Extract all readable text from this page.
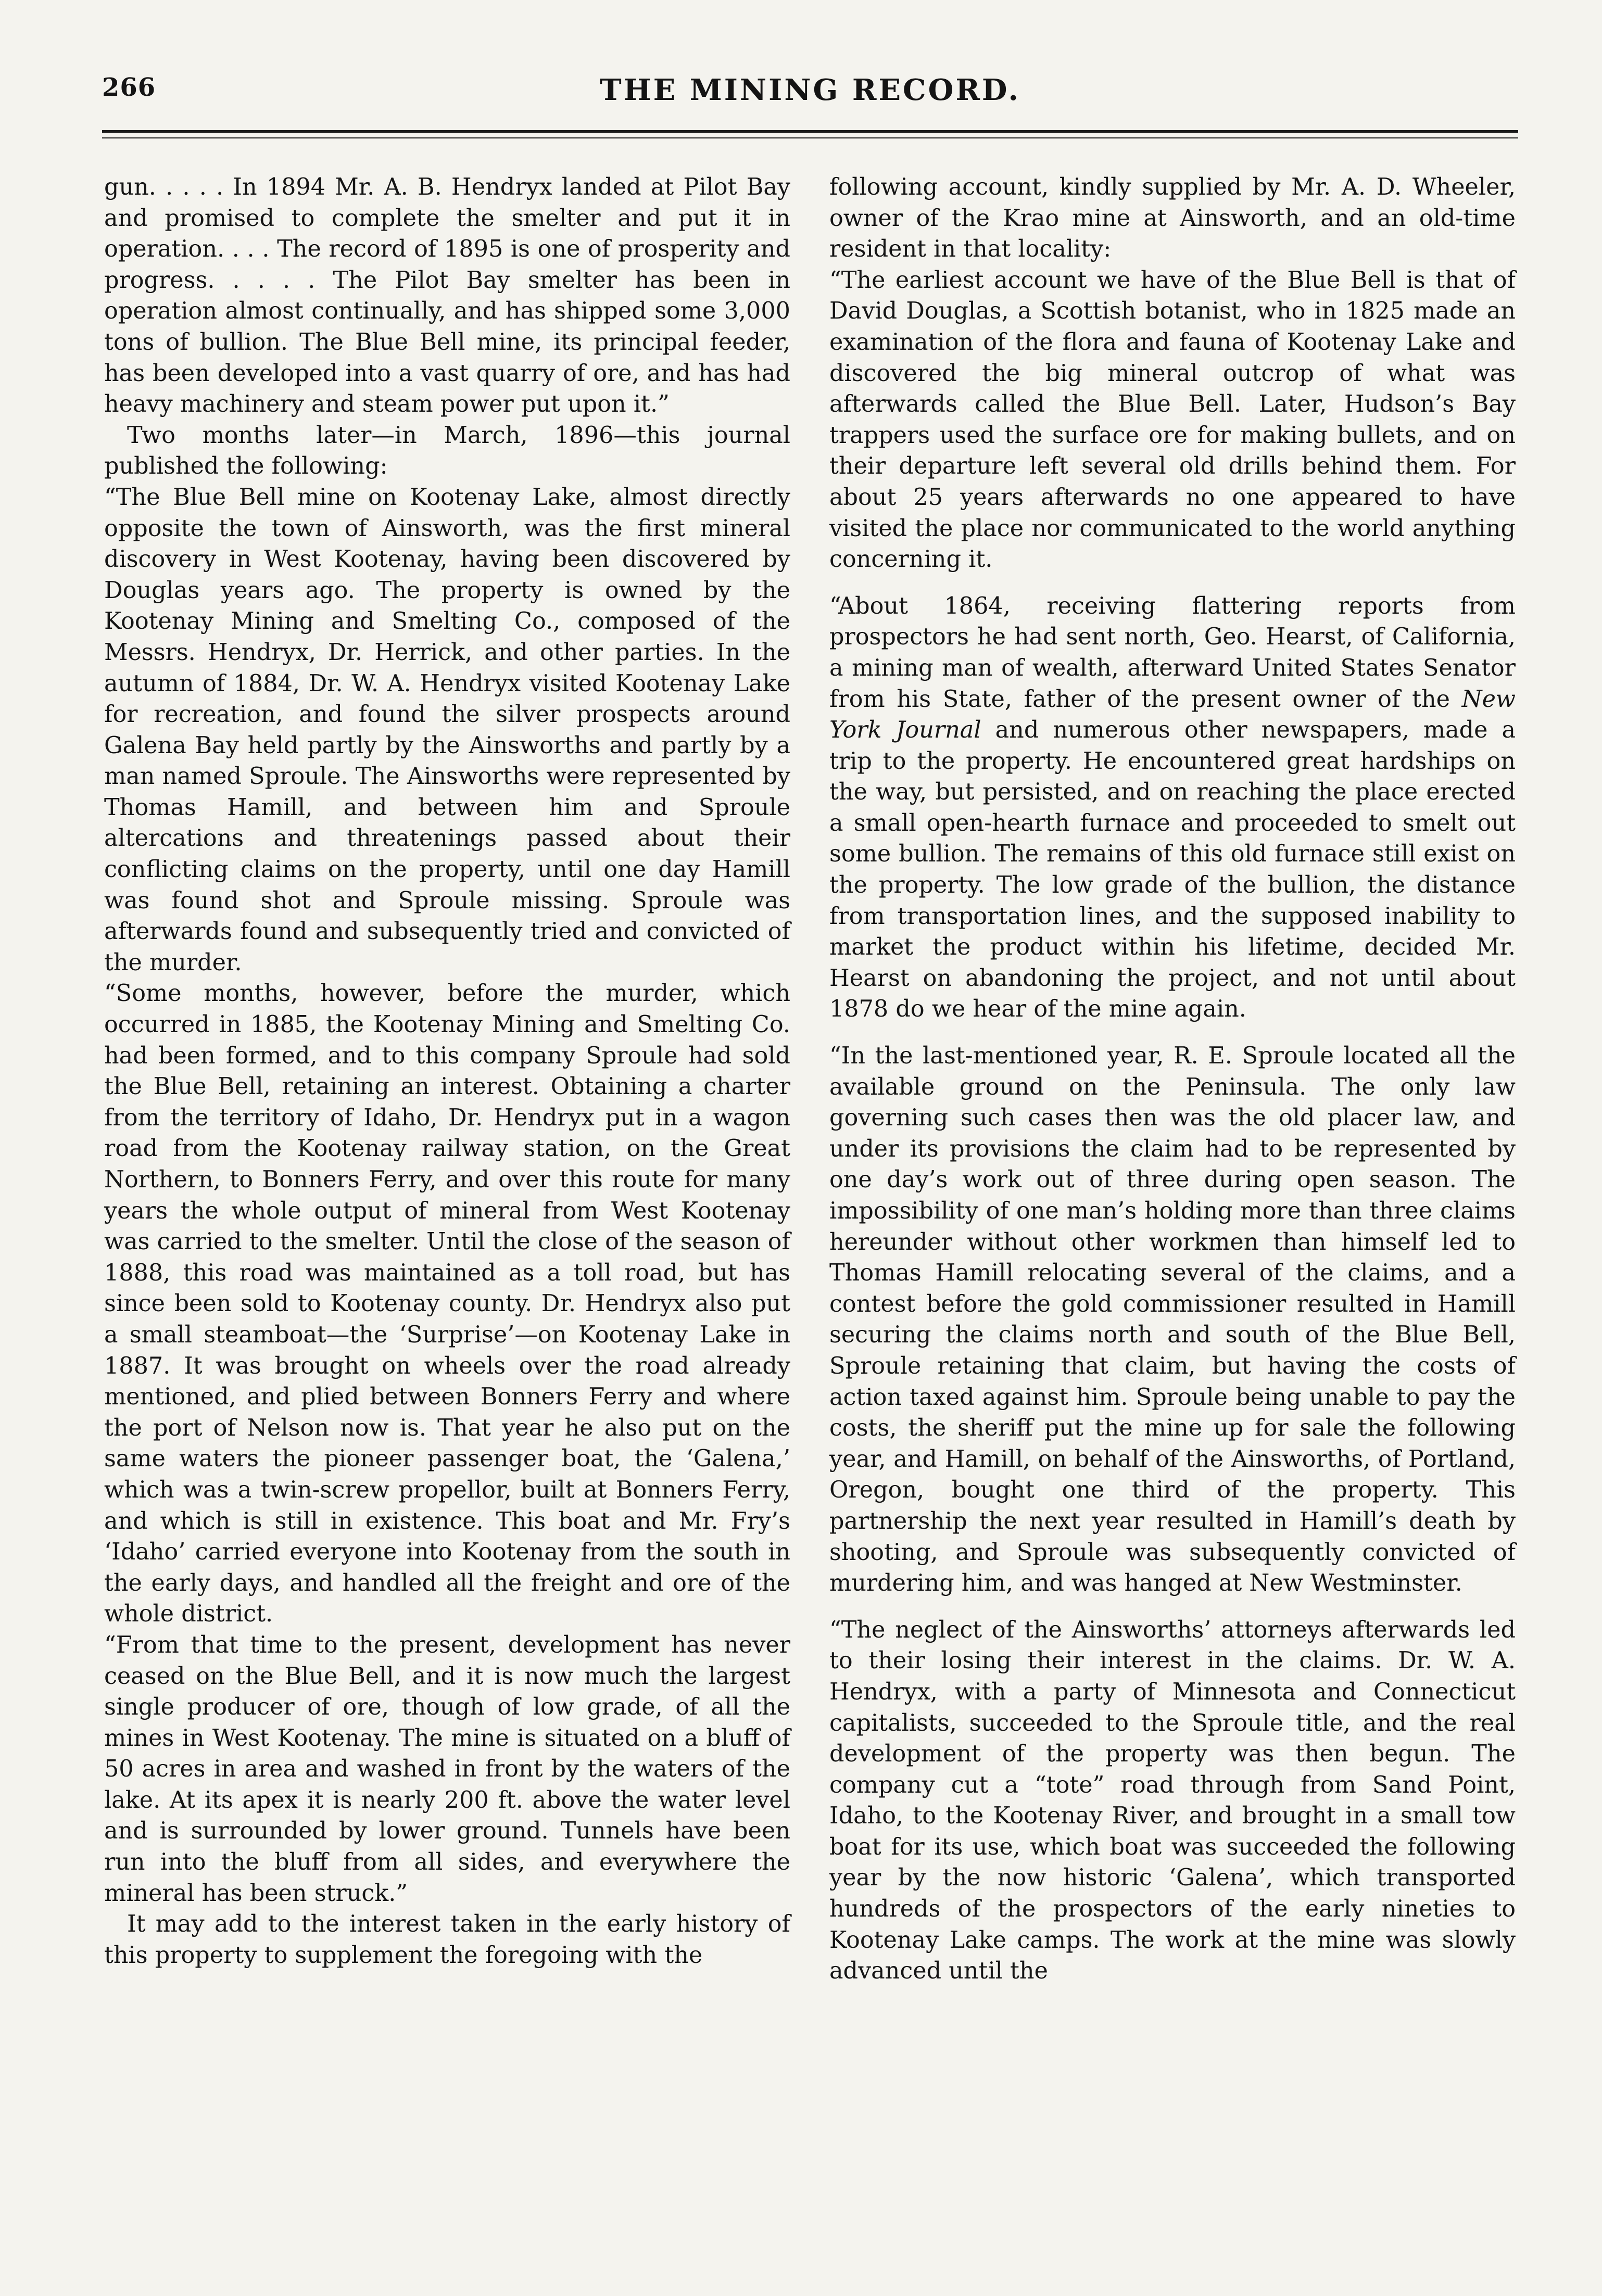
266	THE MINING RECORD.

gun. . . . . In 1894 Mr. A. B. Hendryx landed at Pilot Bay and promised to complete the smelter and put it in operation. . . . The record of 1895 is one of prosperity and progress. . . . . The Pilot Bay smelter has been in operation almost continually, and has shipped some 3,000 tons of bullion. The Blue Bell mine, its principal feeder, has been developed into a vast quarry of ore, and has had heavy machinery and steam power put upon it.”

Two months later—in March, 1896—this journal published the following:

“The Blue Bell mine on Kootenay Lake, almost directly opposite the town of Ainsworth, was the first mineral discovery in West Kootenay, having been discovered by Douglas years ago. The property is owned by the Kootenay Mining and Smelting Co., composed of the Messrs. Hendryx, Dr. Herrick, and other parties. In the autumn of 1884, Dr. W. A. Hendryx visited Kootenay Lake for recreation, and found the silver prospects around Galena Bay held partly by the Ainsworths and partly by a man named Sproule. The Ainsworths were represented by Thomas Hamill, and between him and Sproule altercations and threatenings passed about their conflicting claims on the property, until one day Hamill was found shot and Sproule missing. Sproule was afterwards found and subsequently tried and convicted of the murder.

“Some months, however, before the murder, which occurred in 1885, the Kootenay Mining and Smelting Co. had been formed, and to this company Sproule had sold the Blue Bell, retaining an interest. Obtaining a charter from the territory of Idaho, Dr. Hendryx put in a wagon road from the Kootenay railway station, on the Great Northern, to Bonners Ferry, and over this route for many years the whole output of mineral from West Kootenay was carried to the smelter. Until the close of the season of 1888, this road was maintained as a toll road, but has since been sold to Kootenay county. Dr. Hendryx also put a small steamboat—the ‘Surprise’—on Kootenay Lake in 1887. It was brought on wheels over the road already mentioned, and plied between Bonners Ferry and where the port of Nelson now is. That year he also put on the same waters the pioneer passenger boat, the ‘Galena,’ which was a twin-screw propellor, built at Bonners Ferry, and which is still in existence. This boat and Mr. Fry’s ‘Idaho’ carried everyone into Kootenay from the south in the early days, and handled all the freight and ore of the whole district.

“From that time to the present, development has never ceased on the Blue Bell, and it is now much the largest single producer of ore, though of low grade, of all the mines in West Kootenay. The mine is situated on a bluff of 50 acres in area and washed in front by the waters of the lake. At its apex it is nearly 200 ft. above the water level and is surrounded by lower ground. Tunnels have been run into the bluff from all sides, and everywhere the mineral has been struck.”

It may add to the interest taken in the early history of this property to supplement the foregoing with the

following account, kindly supplied by Mr. A. D. Wheeler, owner of the Krao mine at Ainsworth, and an old-time resident in that locality:

“The earliest account we have of the Blue Bell is that of David Douglas, a Scottish botanist, who in 1825 made an examination of the flora and fauna of Kootenay Lake and discovered the big mineral outcrop of what was afterwards called the Blue Bell. Later, Hudson’s Bay trappers used the surface ore for making bullets, and on their departure left several old drills behind them. For about 25 years afterwards no one appeared to have visited the place nor communicated to the world anything concerning it.

“About 1864, receiving flattering reports from prospectors he had sent north, Geo. Hearst, of California, a mining man of wealth, afterward United States Senator from his State, father of the present owner of the New York Journal and numerous other newspapers, made a trip to the property. He encountered great hardships on the way, but persisted, and on reaching the place erected a small open-hearth furnace and proceeded to smelt out some bullion. The remains of this old furnace still exist on the property. The low grade of the bullion, the distance from transportation lines, and the supposed inability to market the product within his lifetime, decided Mr. Hearst on abandoning the project, and not until about 1878 do we hear of the mine again.

“In the last-mentioned year, R. E. Sproule located all the available ground on the Peninsula. The only law governing such cases then was the old placer law, and under its provisions the claim had to be represented by one day’s work out of three during open season. The impossibility of one man’s holding more than three claims hereunder without other workmen than himself led to Thomas Hamill relocating several of the claims, and a contest before the gold commissioner resulted in Hamill securing the claims north and south of the Blue Bell, Sproule retaining that claim, but having the costs of action taxed against him. Sproule being unable to pay the costs, the sheriff put the mine up for sale the following year, and Hamill, on behalf of the Ainsworths, of Portland, Oregon, bought one third of the property. This partnership the next year resulted in Hamill’s death by shooting, and Sproule was subsequently convicted of murdering him, and was hanged at New Westminster.

“The neglect of the Ainsworths’ attorneys afterwards led to their losing their interest in the claims. Dr. W. A. Hendryx, with a party of Minnesota and Connecticut capitalists, succeeded to the Sproule title, and the real development of the property was then begun. The company cut a “tote” road through from Sand Point, Idaho, to the Kootenay River, and brought in a small tow boat for its use, which boat was succeeded the following year by the now historic ‘Galena’, which transported hundreds of the prospectors of the early nineties to Kootenay Lake camps. The work at the mine was slowly advanced until the
